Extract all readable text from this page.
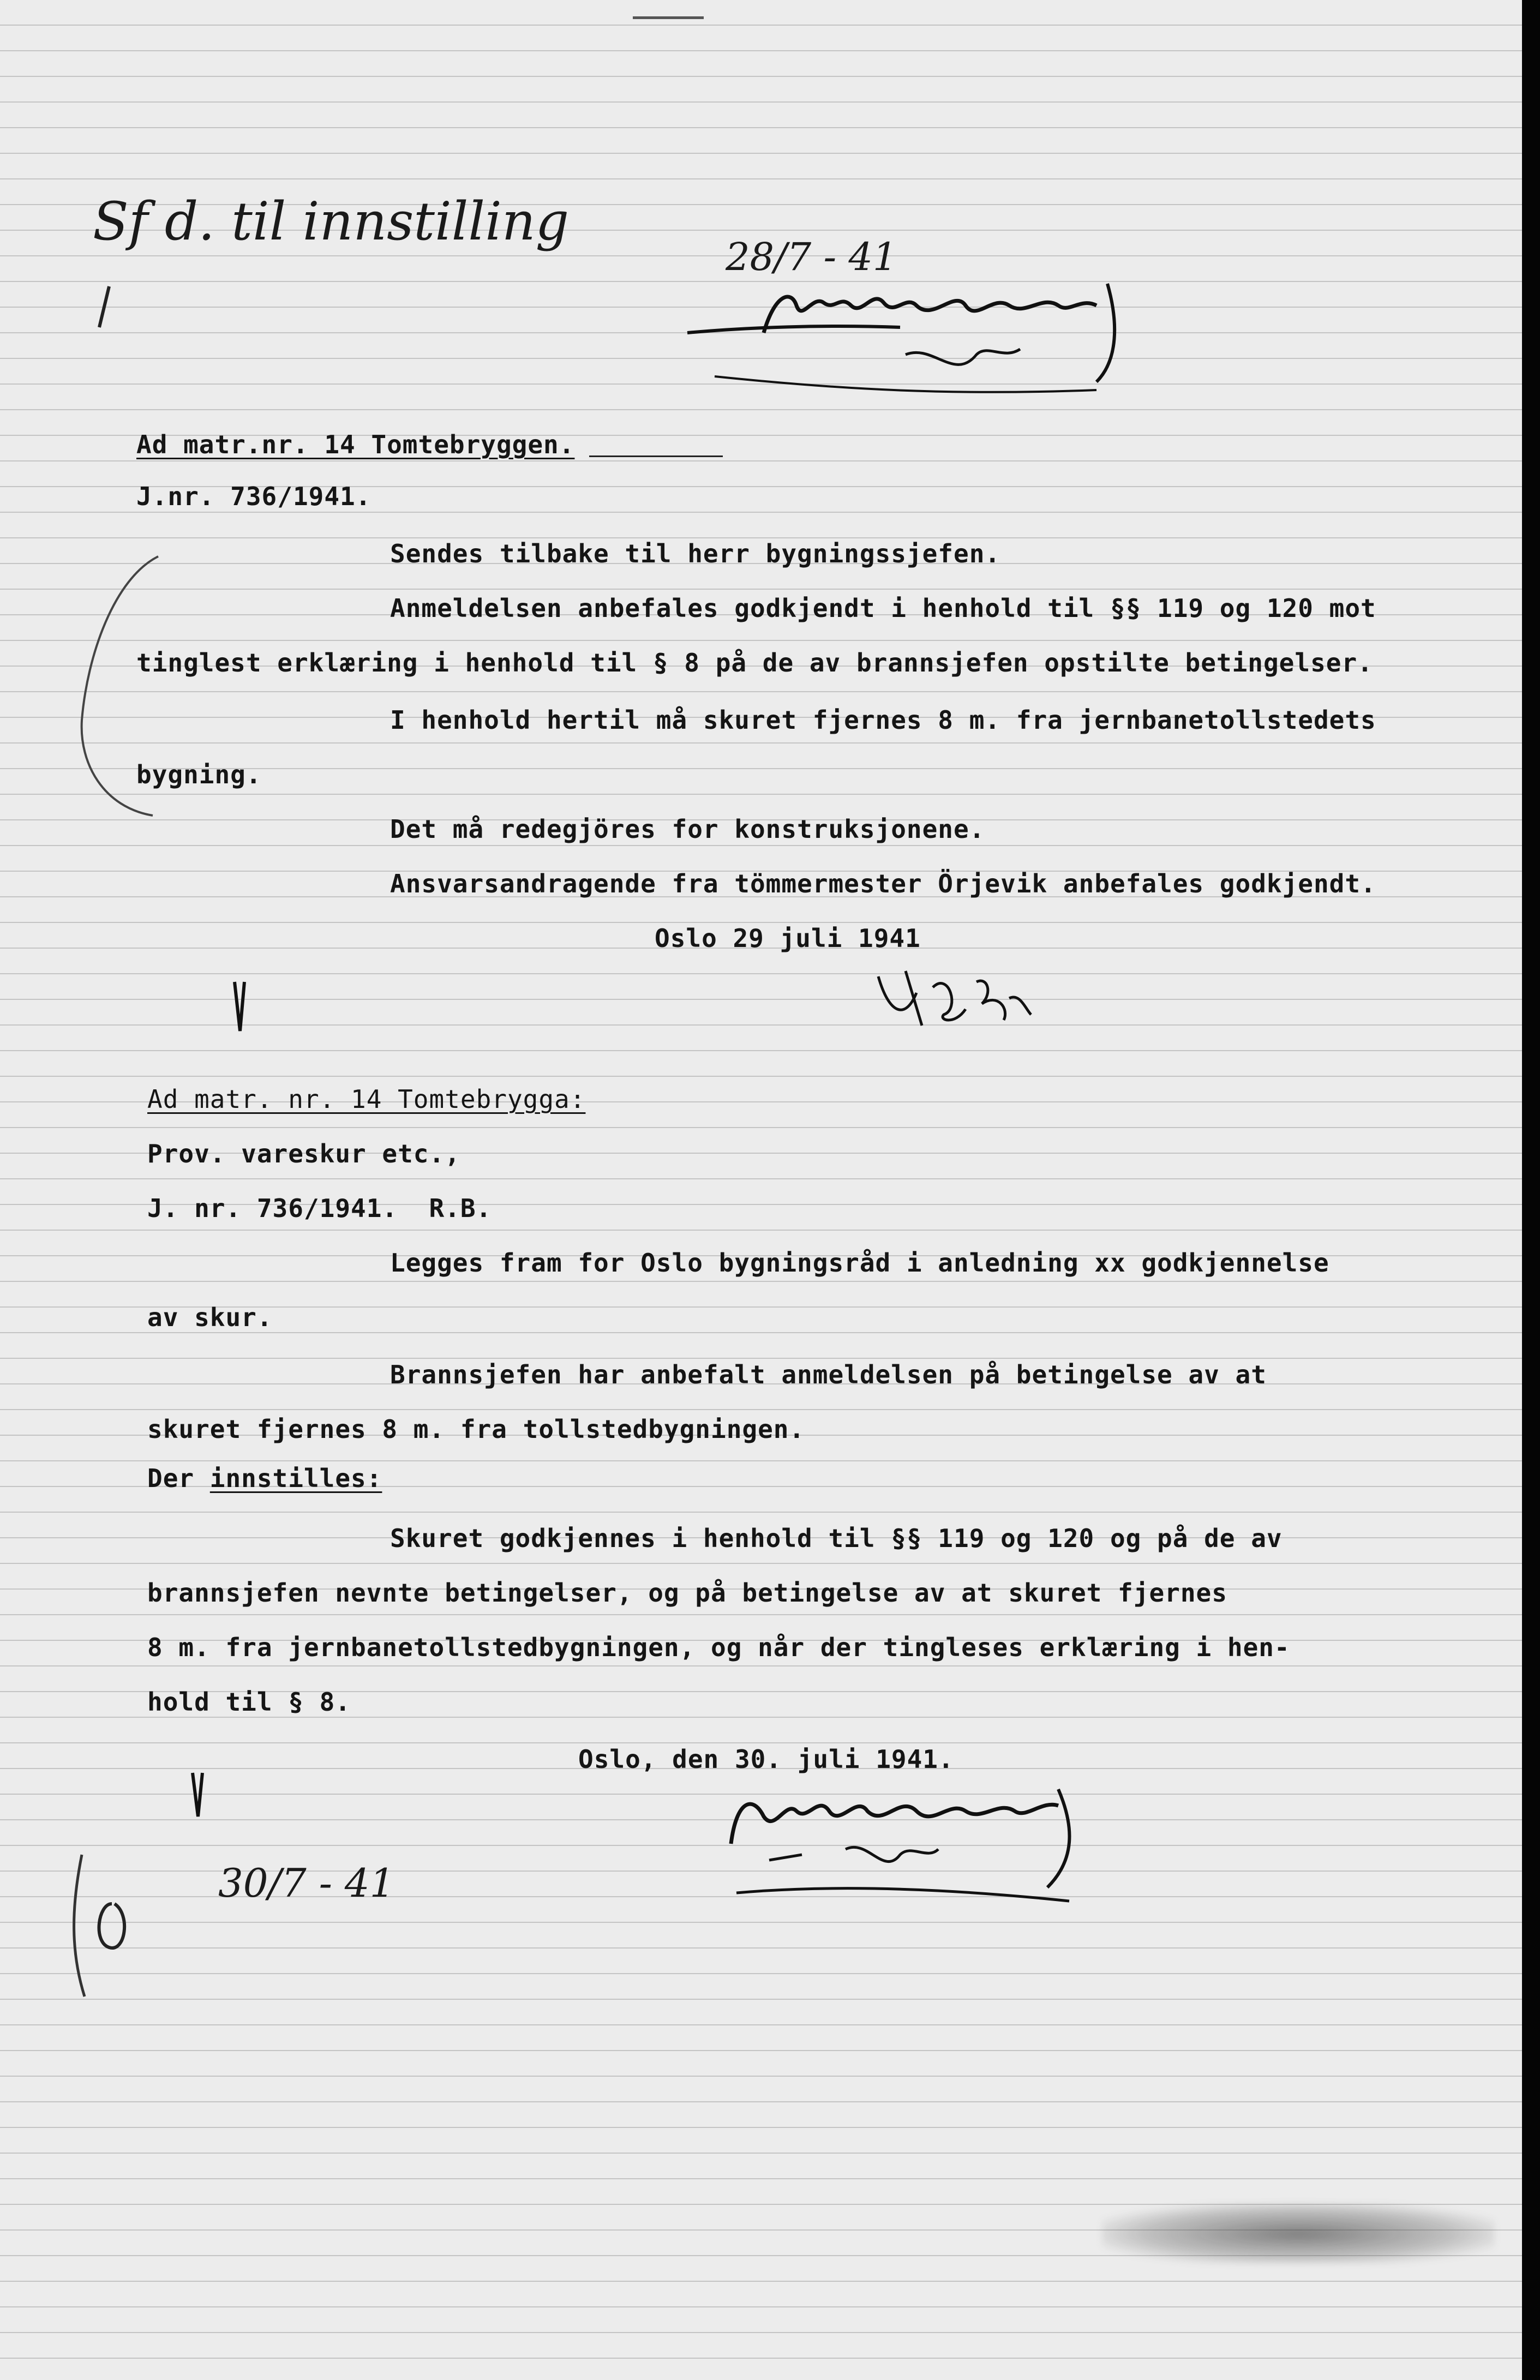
Sf d. til innstilling
28/7 - 41
Ad matr.nr. 14 Tomtebryggen.
J.nr. 736/1941.
Sendes tilbake til herr bygningssjefen.
Anmeldelsen anbefales godkjendt i henhold til §§ 119 og 120 mot
tinglest erklæring i henhold til § 8 på de av brannsjefen opstilte betingelser.
I henhold hertil må skuret fjernes 8 m. fra jernbanetollstedets
bygning.
Det må redegjöres for konstruksjonene.
Ansvarsandragende fra tömmermester Örjevik anbefales godkjendt.
Oslo 29 juli 1941
Ad matr. nr. 14 Tomtebrygga:
Prov. vareskur etc.,
J. nr. 736/1941.  R.B.
Legges fram for Oslo bygningsråd i anledning xx godkjennelse
av skur.
Brannsjefen har anbefalt anmeldelsen på betingelse av at
skuret fjernes 8 m. fra tollstedbygningen.
Der innstilles:
Skuret godkjennes i henhold til §§ 119 og 120 og på de av
brannsjefen nevnte betingelser, og på betingelse av at skuret fjernes
8 m. fra jernbanetollstedbygningen, og når der tingleses erklæring i hen-
hold til § 8.
Oslo, den 30. juli 1941.
30/7 - 41
